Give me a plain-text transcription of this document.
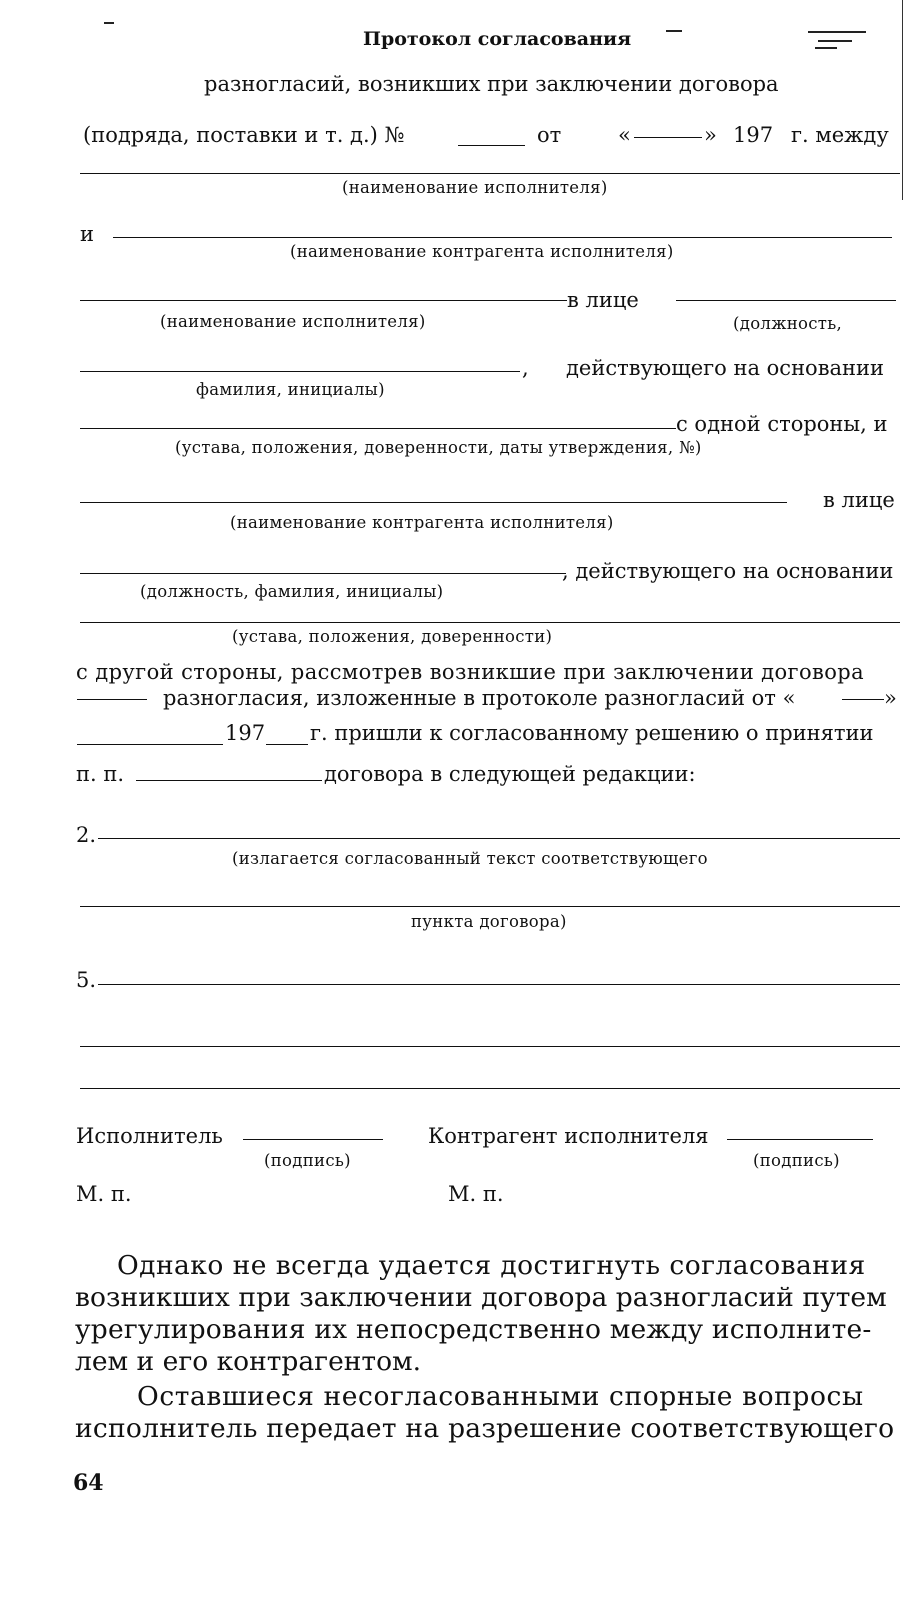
Протокол согласования
разногласий, возникших при заключении договора
(подряда, поставки и т. д.) №	от	«	» 197 г. между
(наименование исполнителя)
и
(наименование контрагента исполнителя)
в лице
(наименование исполнителя)	(должность,
, действующего на основании
фамилия, инициалы)
с одной стороны, и
(устава, положения, доверенности, даты утверждения, №)
в лице
(наименование контрагента исполнителя)
, действующего на основании
(должность, фамилия, инициалы)
(устава, положения, доверенности)
с другой стороны, рассмотрев возникшие при заключении договора
разногласия, изложенные в протоколе разногласий от «	»
197 г. пришли к согласованному решению о принятии
п. п.	договора в следующей редакции:
2.
(излагается согласованный текст соответствующего
пункта договора)
5.
Исполнитель
(подпись)
Контрагент исполнителя
(подпись)
М. п.	М. п.
Однако не всегда удается достигнуть согласования
возникших при заключении договора разногласий путем
урегулирования их непосредственно между исполните-
лем и его контрагентом.
Оставшиеся несогласованными спорные вопросы
исполнитель передает на разрешение соответствующего
64
